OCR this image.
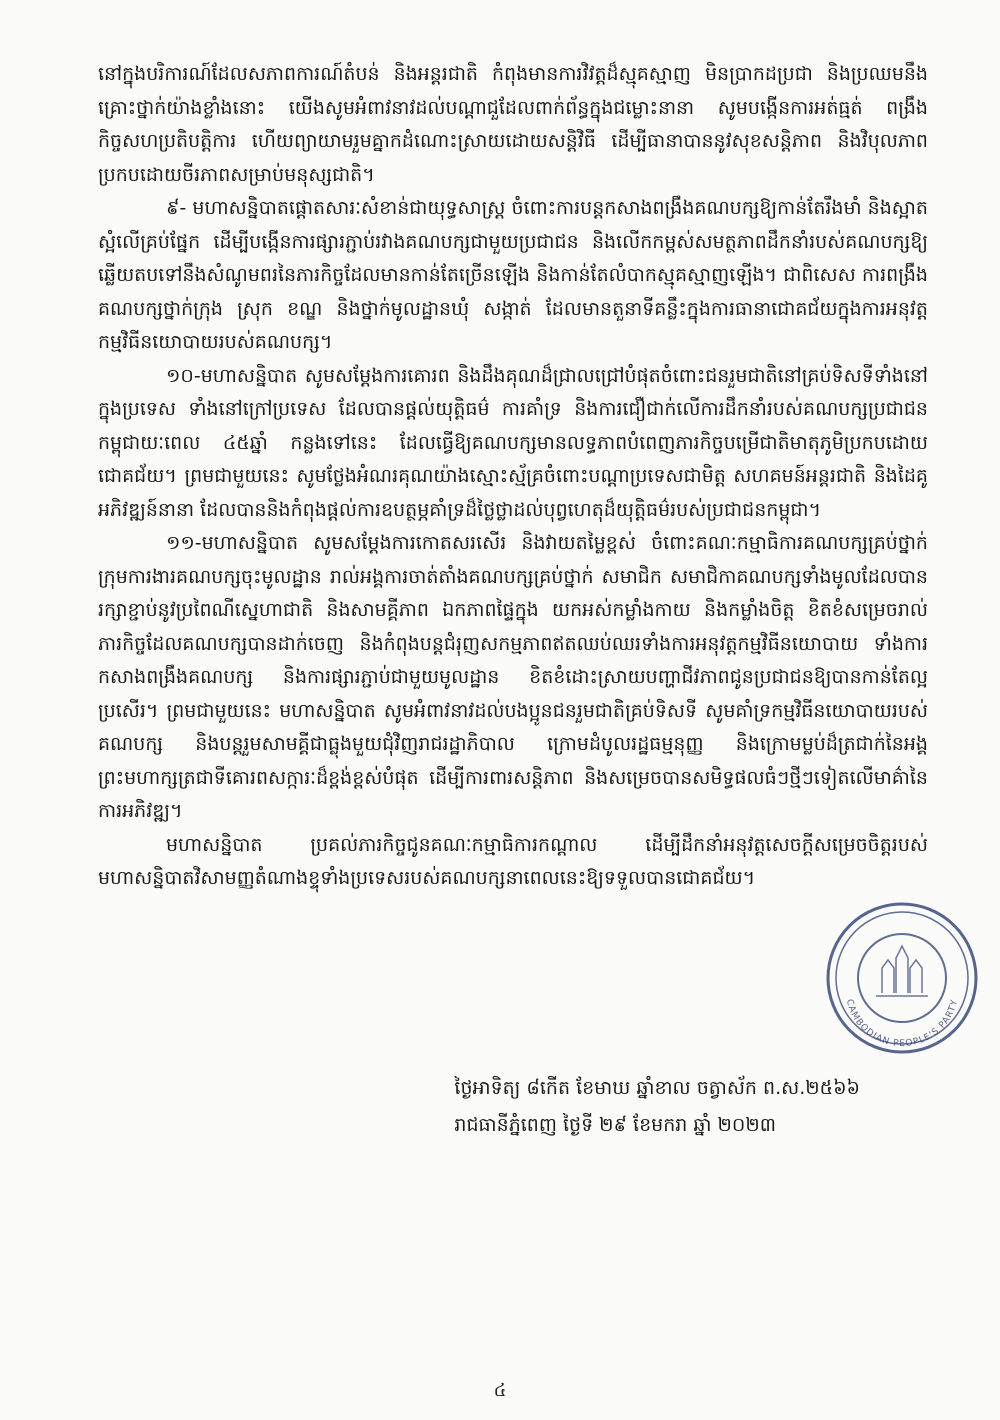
នៅក្នុងបរិការណ៍ដែលសភាពការណ៍តំបន់ និងអន្តរជាតិ កំពុងមានការវិវត្តដ៏ស្មុគស្មាញ មិនប្រាកដប្រជា និងប្រឈមនឹងគ្រោះថ្នាក់យ៉ាងខ្លាំងនោះ យើងសូមអំពាវនាវដល់បណ្ដាជួដែលពាក់ព័ន្ធក្នុងជម្លោះនានា សូមបង្កើនការអត់ធ្មត់ ពង្រឹងកិច្ចសហប្រតិបត្តិការ ហើយព្យាយាមរួមគ្នាកដំណោះស្រាយដោយសន្តិវិធី ដើម្បីធានាបាននូវសុខសន្តិភាព និងវិបុលភាពប្រកបដោយចីរភាពសម្រាប់មនុស្សជាតិ។

៩- មហាសន្និបាតផ្ដោតសារៈសំខាន់ជាយុទ្ធសាស្ត្រ ចំពោះការបន្តកសាងពង្រឹងគណបក្សឱ្យកាន់តែរឹងមាំ និងស្អាតស្អំលើគ្រប់ផ្នែក ដើម្បីបង្កើនការផ្សារភ្ជាប់រវាងគណបក្សជាមួយប្រជាជន និងលើកកម្ពស់សមត្ថភាពដឹកនាំរបស់គណបក្សឱ្យឆ្លើយតបទៅនឹងសំណូមពរនៃភារកិច្ចដែលមានកាន់តែច្រើនឡើង និងកាន់តែលំបាកស្មុគស្មាញឡើង។ ជាពិសេស ការពង្រឹងគណបក្សថ្នាក់ក្រុង ស្រុក ខណ្ឌ និងថ្នាក់មូលដ្ឋានឃុំ សង្កាត់ ដែលមានតួនាទីគន្លឹះក្នុងការធានាជោគជ័យក្នុងការអនុវត្តកម្មវិធីនយោបាយរបស់គណបក្ស។

១០-មហាសន្និបាត សូមសម្ដែងការគោរព និងដឹងគុណដ៏ជ្រាលជ្រៅបំផុតចំពោះជនរួមជាតិនៅគ្រប់ទិសទីទាំងនៅក្នុងប្រទេស ទាំងនៅក្រៅប្រទេស ដែលបានផ្ដល់យុត្តិធម៌ ការគាំទ្រ និងការជឿជាក់លើការដឹកនាំរបស់គណបក្សប្រជាជនកម្ពុជាយៈពេល ៤៥ឆ្នាំ កន្លងទៅនេះ ដែលធ្វើឱ្យគណបក្សមានលទ្ធភាពបំពេញភារកិច្ចបម្រើជាតិមាតុភូមិប្រកបដោយជោគជ័យ។ ព្រមជាមួយនេះ សូមថ្លែងអំណរគុណយ៉ាងស្មោះស្ម័គ្រចំពោះបណ្ដាប្រទេសជាមិត្ត សហគមន៍អន្តរជាតិ និងដៃគូអភិវឌ្ឍន៍នានា ដែលបាននិងកំពុងផ្ដល់ការឧបត្ថម្ភគាំទ្រដ៏ថ្លៃថ្លាដល់បុព្វហេតុដ៏យុត្តិធម៌របស់ប្រជាជនកម្ពុជា។

១១-មហាសន្និបាត សូមសម្ដែងការកោតសរសើរ និងវាយតម្លៃខ្ពស់ ចំពោះគណៈកម្មាធិការគណបក្សគ្រប់ថ្នាក់ ក្រុមការងារគណបក្សចុះមូលដ្ឋាន រាល់អង្គការចាត់តាំងគណបក្សគ្រប់ថ្នាក់ សមាជិក សមាជិកាគណបក្សទាំងមូលដែលបានរក្សាខ្ជាប់នូវប្រពៃណីស្នេហាជាតិ និងសាមគ្គីភាព ឯកភាពផ្ទៃក្នុង យកអស់កម្លាំងកាយ និងកម្លាំងចិត្ត ខិតខំសម្រេចរាល់ភារកិច្ចដែលគណបក្សបានដាក់ចេញ និងកំពុងបន្តជំរុញសកម្មភាពឥតឈប់ឈរទាំងការអនុវត្តកម្មវិធីនយោបាយ ទាំងការកសាងពង្រឹងគណបក្ស និងការផ្សារភ្ជាប់ជាមួយមូលដ្ឋាន ខិតខំដោះស្រាយបញ្ហាជីវភាពជូនប្រជាជនឱ្យបានកាន់តែល្អប្រសើរ។ ព្រមជាមួយនេះ មហាសន្និបាត សូមអំពាវនាវដល់បងប្អូនជនរួមជាតិគ្រប់ទិសទី សូមគាំទ្រកម្មវិធីនយោបាយរបស់គណបក្ស និងបន្តរួមសាមគ្គីជាធ្លុងមួយជុំវិញរាជរដ្ឋាភិបាល ក្រោមដំបូលរដ្ឋធម្មនុញ្ញ និងក្រោមម្លប់ដ៏ត្រជាក់នៃអង្គព្រះមហាក្សត្រជាទីគោរពសក្ការៈដ៏ខ្ពង់ខ្ពស់បំផុត ដើម្បីការពារសន្តិភាព និងសម្រេចបានសមិទ្ធផលធំៗថ្មីៗទៀតលើមាគ៌ានៃការអភិវឌ្ឍ។

មហាសន្និបាត ប្រគល់ភារកិច្ចជូនគណៈកម្មាធិការកណ្ដាល ដើម្បីដឹកនាំអនុវត្តសេចក្ដីសម្រេចចិត្តរបស់មហាសន្និបាតវិសាមញ្ញតំណាងខ្ទុទាំងប្រទេសរបស់គណបក្សនាពេលនេះឱ្យទទួលបានជោគជ័យ។

CAMBODIAN PEOPLE'S PARTY
ថ្ងៃអាទិត្យ ៨កើត ខែមាឃ ឆ្នាំខាល ចត្វាស័ក ព.ស.២៥៦៦
រាជធានីភ្នំពេញ ថ្ងៃទី ២៩ ខែមករា ឆ្នាំ ២០២៣
៤
